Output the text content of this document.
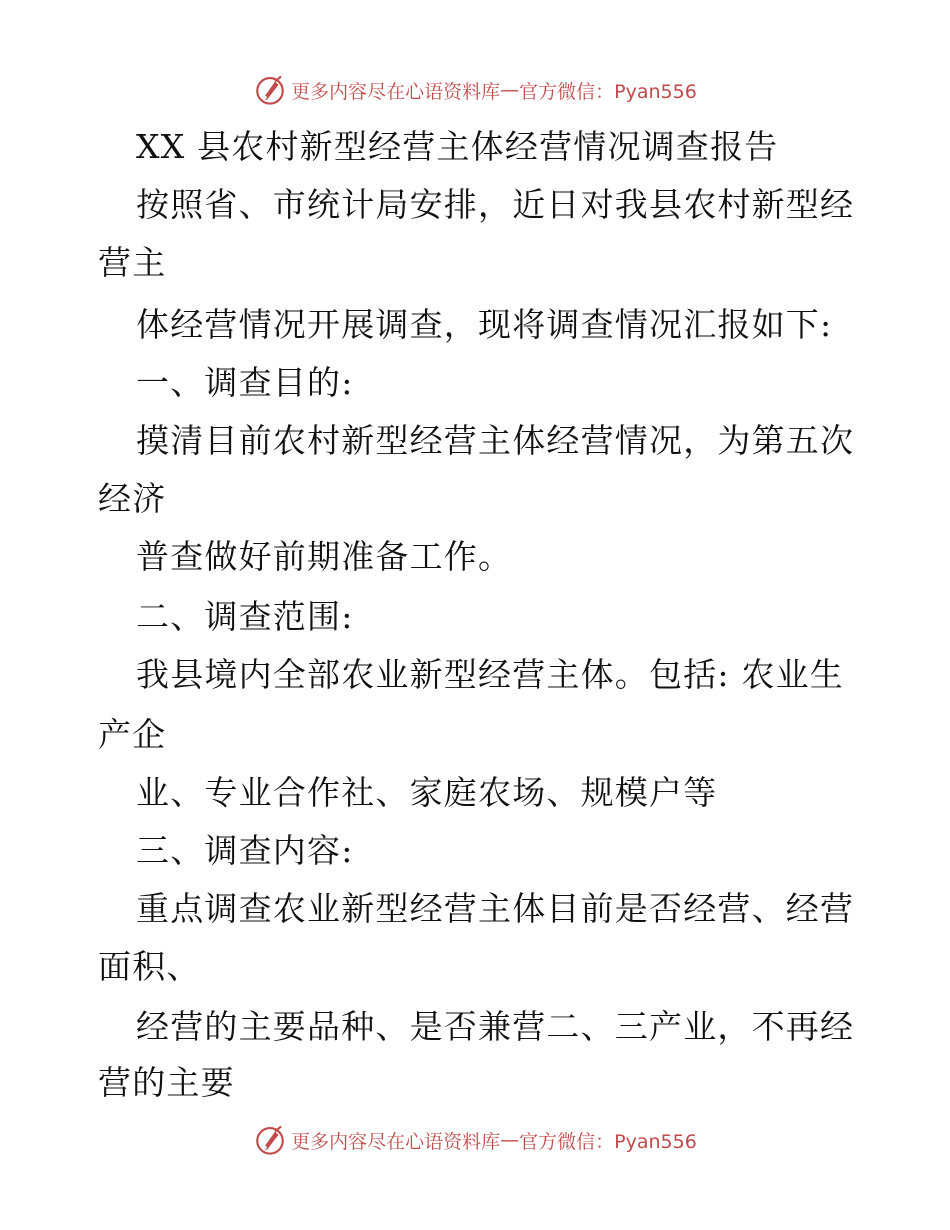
更多内容尽在心语资料库 — 官方微信：Pyan556
XX 县农村新型经营主体经营情况调查报告
按照省、市统计局安排，近日对我县农村新型经
营主
体经营情况开展调查，现将调查情况汇报如下:
一、调查目的:
摸清目前农村新型经营主体经营情况，为第五次
经济
普查做好前期准备工作。
二、调查范围:
我县境内全部农业新型经营主体。包括: 农业生
产企
业、专业合作社、家庭农场、规模户等
三、调查内容:
重点调查农业新型经营主体目前是否经营、经营
面积、
经营的主要品种、是否兼营二、三产业，不再经
营的主要
更多内容尽在心语资料库 — 官方微信：Pyan556
